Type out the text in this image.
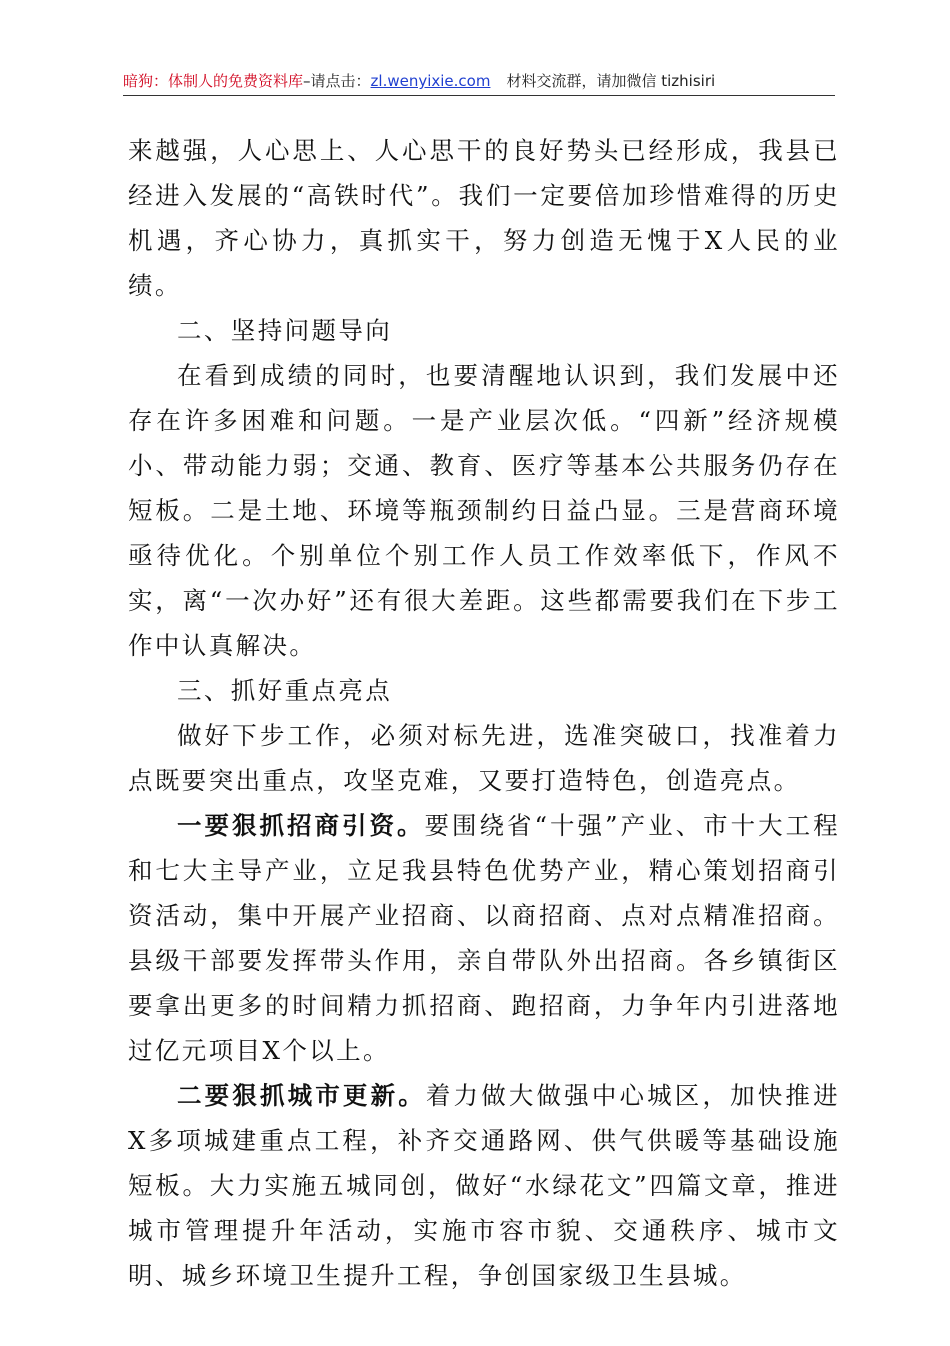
暗狗：体制人的免费资料库–请点击：zl.wenyixie.com 材料交流群，请加微信 tizhisiri

来越强，人心思上、人心思干的良好势头已经形成，我县已经进入发展的“高铁时代”。我们一定要倍加珍惜难得的历史机遇，齐心协力，真抓实干，努力创造无愧于X人民的业绩。

二、坚持问题导向

在看到成绩的同时，也要清醒地认识到，我们发展中还存在许多困难和问题。一是产业层次低。“四新”经济规模小、带动能力弱；交通、教育、医疗等基本公共服务仍存在短板。二是土地、环境等瓶颈制约日益凸显。三是营商环境亟待优化。个别单位个别工作人员工作效率低下，作风不实，离“一次办好”还有很大差距。这些都需要我们在下步工作中认真解决。

三、抓好重点亮点

做好下步工作，必须对标先进，选准突破口，找准着力点既要突出重点，攻坚克难，又要打造特色，创造亮点。

一要狠抓招商引资。要围绕省“十强”产业、市十大工程和七大主导产业，立足我县特色优势产业，精心策划招商引资活动，集中开展产业招商、以商招商、点对点精准招商。县级干部要发挥带头作用，亲自带队外出招商。各乡镇街区要拿出更多的时间精力抓招商、跑招商，力争年内引进落地过亿元项目X个以上。

二要狠抓城市更新。着力做大做强中心城区，加快推进X多项城建重点工程，补齐交通路网、供气供暖等基础设施短板。大力实施五城同创，做好“水绿花文”四篇文章，推进城市管理提升年活动，实施市容市貌、交通秩序、城市文明、城乡环境卫生提升工程，争创国家级卫生县城。
